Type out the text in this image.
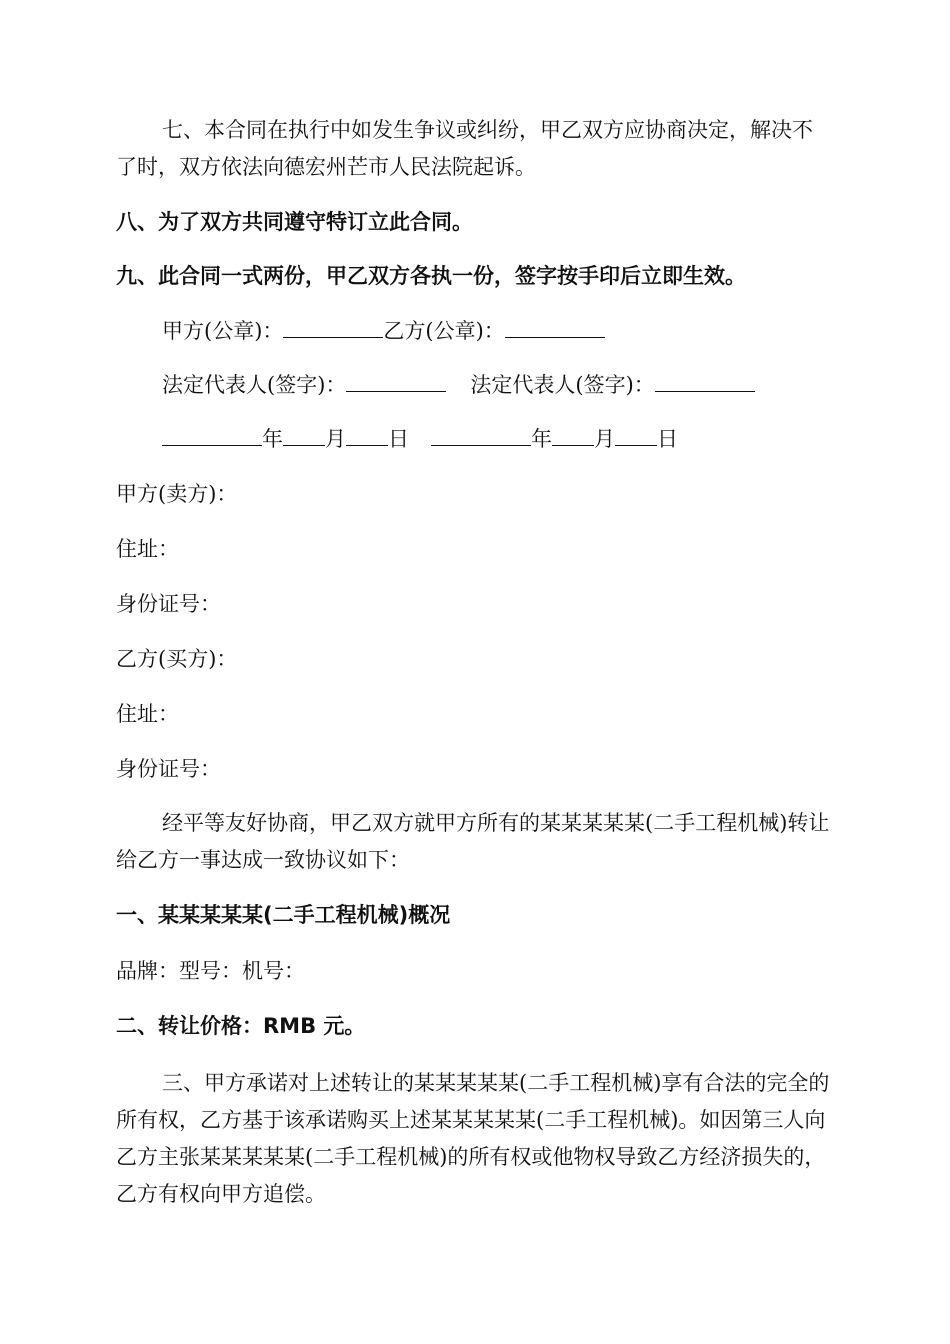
七、本合同在执行中如发生争议或纠纷，甲乙双方应协商决定，解决不了时，双方依法向德宏州芒市人民法院起诉。

八、为了双方共同遵守特订立此合同。

九、此合同一式两份，甲乙双方各执一份，签字按手印后立即生效。

甲方(公章)：	乙方(公章)：
法定代表人(签字)：	法定代表人(签字)：
年 月 日	年 月 日

甲方(卖方)：

住址：

身份证号：

乙方(买方)：

住址：

身份证号：

经平等友好协商，甲乙双方就甲方所有的某某某某某(二手工程机械)转让给乙方一事达成一致协议如下：

一、某某某某某(二手工程机械)概况

品牌：型号：机号：

二、转让价格：RMB 元。

三、甲方承诺对上述转让的某某某某某(二手工程机械)享有合法的完全的所有权，乙方基于该承诺购买上述某某某某某(二手工程机械)。如因第三人向乙方主张某某某某某(二手工程机械)的所有权或他物权导致乙方经济损失的，乙方有权向甲方追偿。
